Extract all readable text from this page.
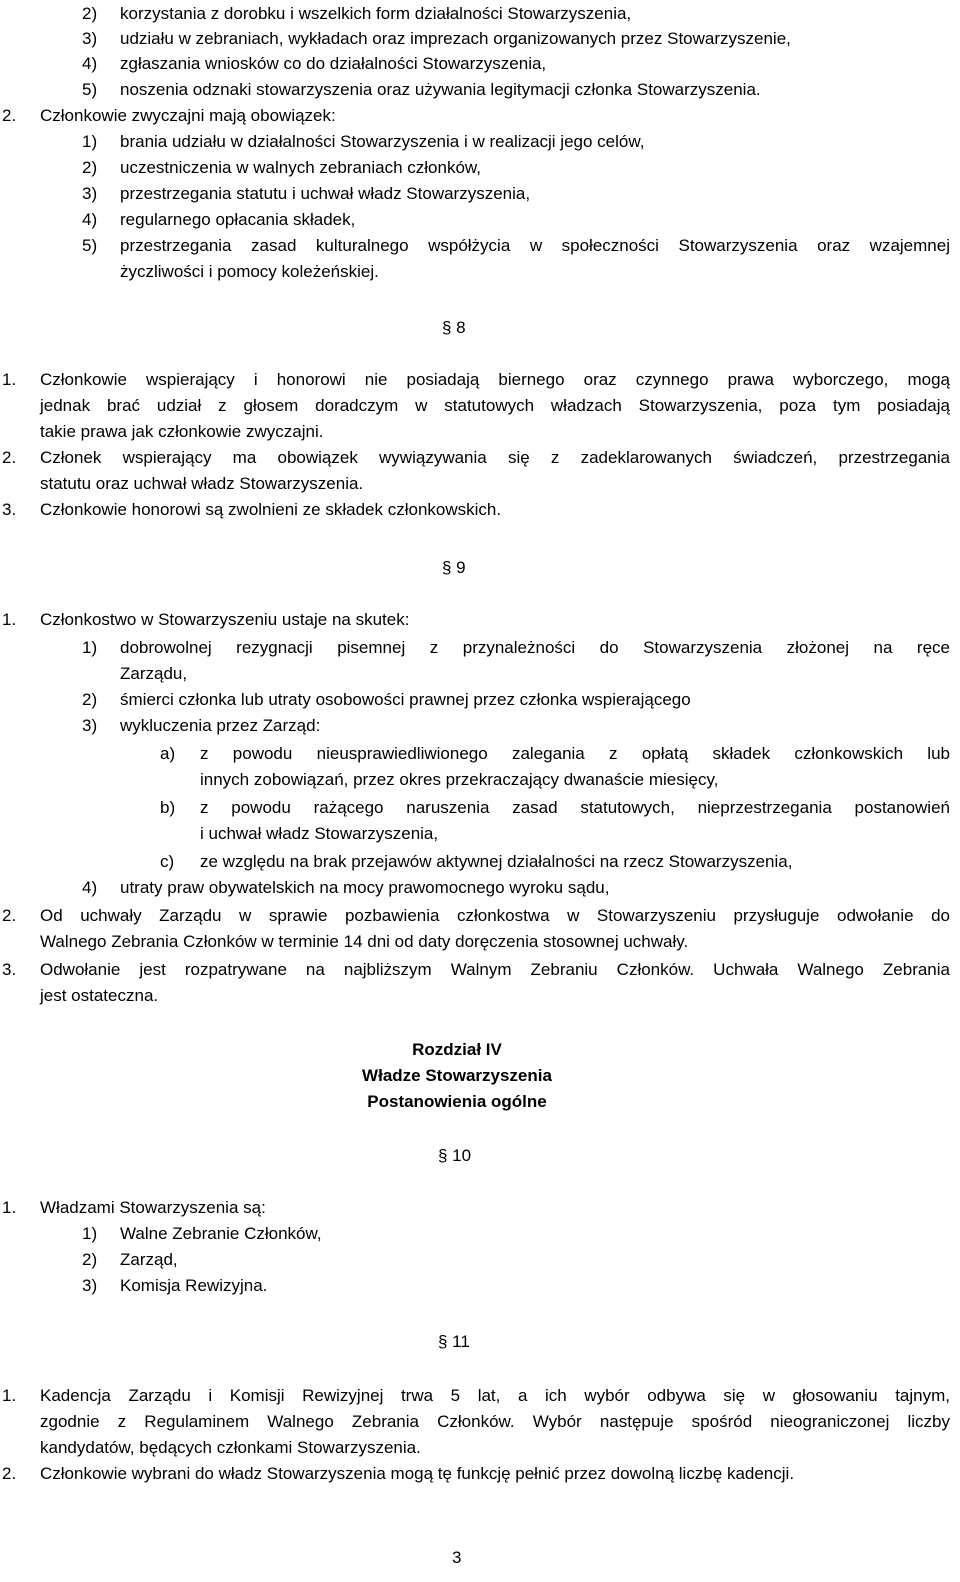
2) korzystania z dorobku i wszelkich form działalności Stowarzyszenia,
3) udziału w zebraniach, wykładach oraz imprezach organizowanych przez Stowarzyszenie,
4) zgłaszania wniosków co do działalności Stowarzyszenia,
5) noszenia odznaki stowarzyszenia oraz używania legitymacji członka Stowarzyszenia.
2. Członkowie zwyczajni mają obowiązek:
1) brania udziału w działalności Stowarzyszenia i w realizacji jego celów,
2) uczestniczenia w walnych zebraniach członków,
3) przestrzegania statutu i uchwał władz Stowarzyszenia,
4) regularnego opłacania składek,
5) przestrzegania zasad kulturalnego współżycia w społeczności Stowarzyszenia oraz wzajemnej
życzliwości i pomocy koleżeńskiej.
§ 8
1. Członkowie wspierający i honorowi nie posiadają biernego oraz czynnego prawa wyborczego, mogą
jednak brać udział z głosem doradczym w statutowych władzach Stowarzyszenia, poza tym posiadają
takie prawa jak członkowie zwyczajni.
2. Członek wspierający ma obowiązek wywiązywania się z zadeklarowanych świadczeń, przestrzegania
statutu oraz uchwał władz Stowarzyszenia.
3. Członkowie honorowi są zwolnieni ze składek członkowskich.
§ 9
1. Członkostwo w Stowarzyszeniu ustaje na skutek:
1) dobrowolnej rezygnacji pisemnej z przynależności do Stowarzyszenia złożonej na ręce
Zarządu,
2) śmierci członka lub utraty osobowości prawnej przez członka wspierającego
3) wykluczenia przez Zarząd:
a) z powodu nieusprawiedliwionego zalegania z opłatą składek członkowskich lub
innych zobowiązań, przez okres przekraczający dwanaście miesięcy,
b) z powodu rażącego naruszenia zasad statutowych, nieprzestrzegania postanowień
i uchwał władz Stowarzyszenia,
c) ze względu na brak przejawów aktywnej działalności na rzecz Stowarzyszenia,
4) utraty praw obywatelskich na mocy prawomocnego wyroku sądu,
2. Od uchwały Zarządu w sprawie pozbawienia członkostwa w Stowarzyszeniu przysługuje odwołanie do
Walnego Zebrania Członków w terminie 14 dni od daty doręczenia stosownej uchwały.
3. Odwołanie jest rozpatrywane na najbliższym Walnym Zebraniu Członków. Uchwała Walnego Zebrania
jest ostateczna.
Rozdział IV
Władze Stowarzyszenia
Postanowienia ogólne
§ 10
1. Władzami Stowarzyszenia są:
1) Walne Zebranie Członków,
2) Zarząd,
3) Komisja Rewizyjna.
§ 11
1. Kadencja Zarządu i Komisji Rewizyjnej trwa 5 lat, a ich wybór odbywa się w głosowaniu tajnym,
zgodnie z Regulaminem Walnego Zebrania Członków. Wybór następuje spośród nieograniczonej liczby
kandydatów, będących członkami Stowarzyszenia.
2. Członkowie wybrani do władz Stowarzyszenia mogą tę funkcję pełnić przez dowolną liczbę kadencji.
3
